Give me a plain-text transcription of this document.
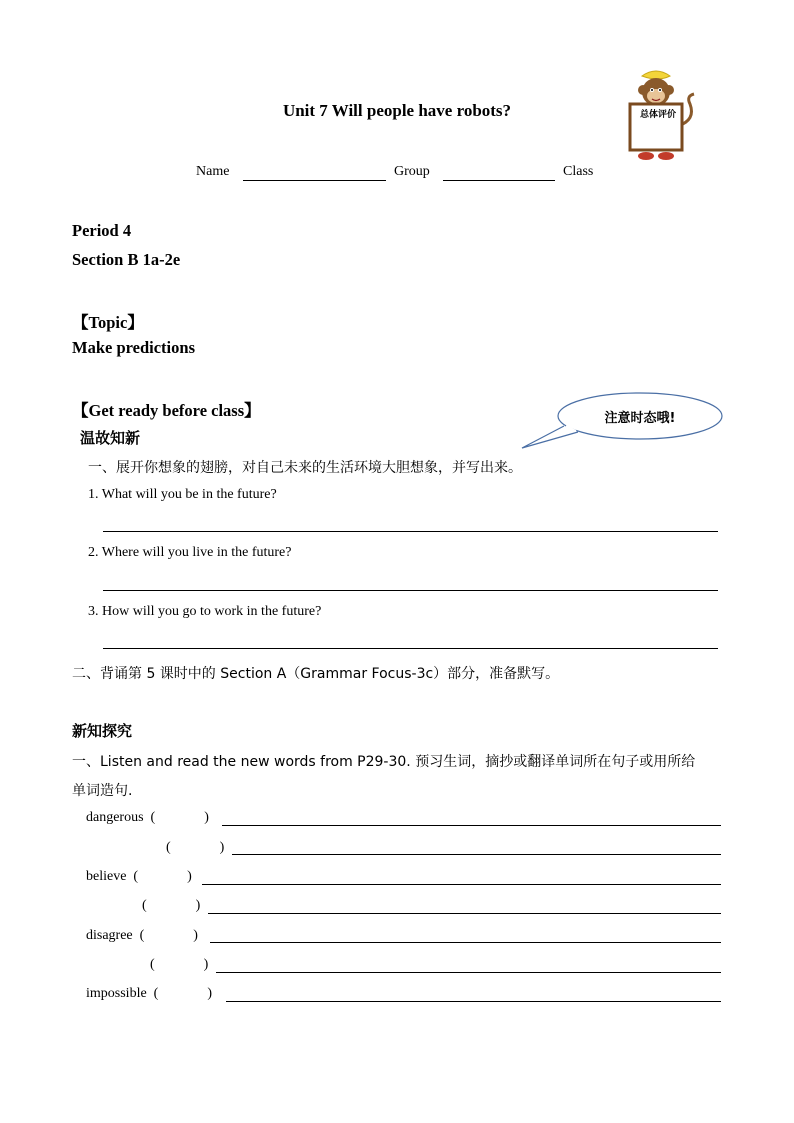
Unit 7 Will people have robots?	总体评价
Name	Group	Class
Period 4
Section B 1a-2e
【Topic】
Make predictions
【Get ready before class】	注意时态哦!
温故知新
一、展开你想象的翅膀，对自己未来的生活环境大胆想象，并写出来。
1. What will you be in the future?
2. Where will you live in the future?
3. How will you go to work in the future?
二、背诵第 5 课时中的 Section A（Grammar Focus-3c）部分，准备默写。
新知探究
一、Listen and read the new words from P29-30. 预习生词，摘抄或翻译单词所在句子或用所给
单词造句.
dangerous  (              )
(              )
believe  (              )
(              )
disagree  (              )
(              )
impossible  (              )
